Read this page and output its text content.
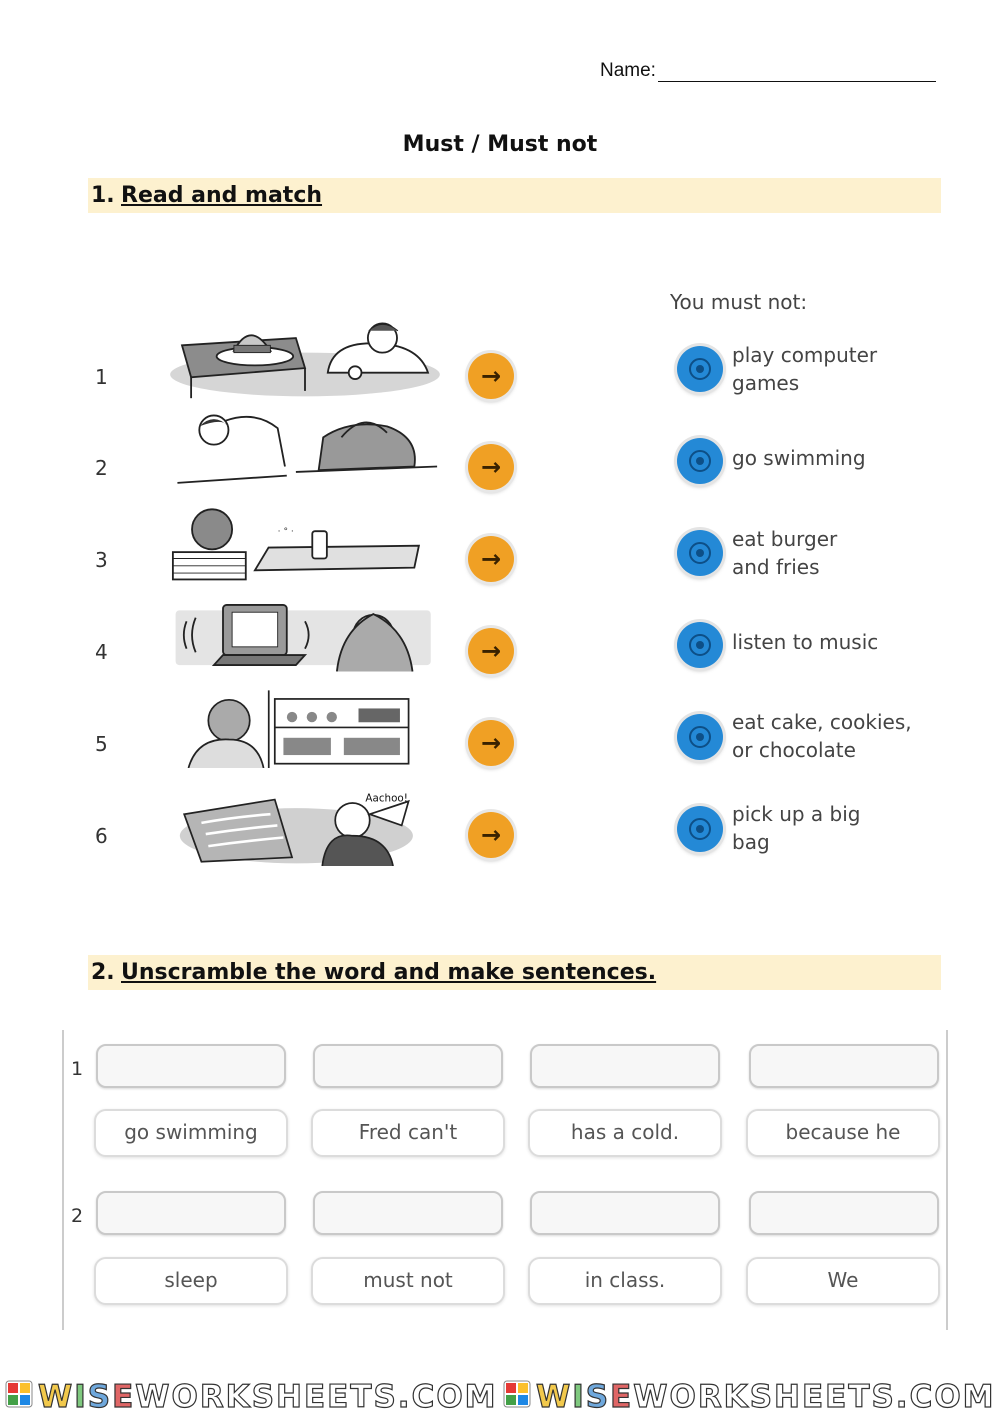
Name:
Must / Must not
1. Read and match
1
2
3
4
5
6
· ° ·
Aachoo!
→
→
→
→
→
→
You must not:
play computer
games
go swimming
eat burger
and fries
listen to music
eat cake, cookies,
or chocolate
pick up a big
bag
2. Unscramble the word and make sentences.
1
go swimming	Fred can't	has a cold.	because he
2
sleep	must not	in class.	We
WISEWORKSHEETS.COM WISEWORKSHEETS.COM
